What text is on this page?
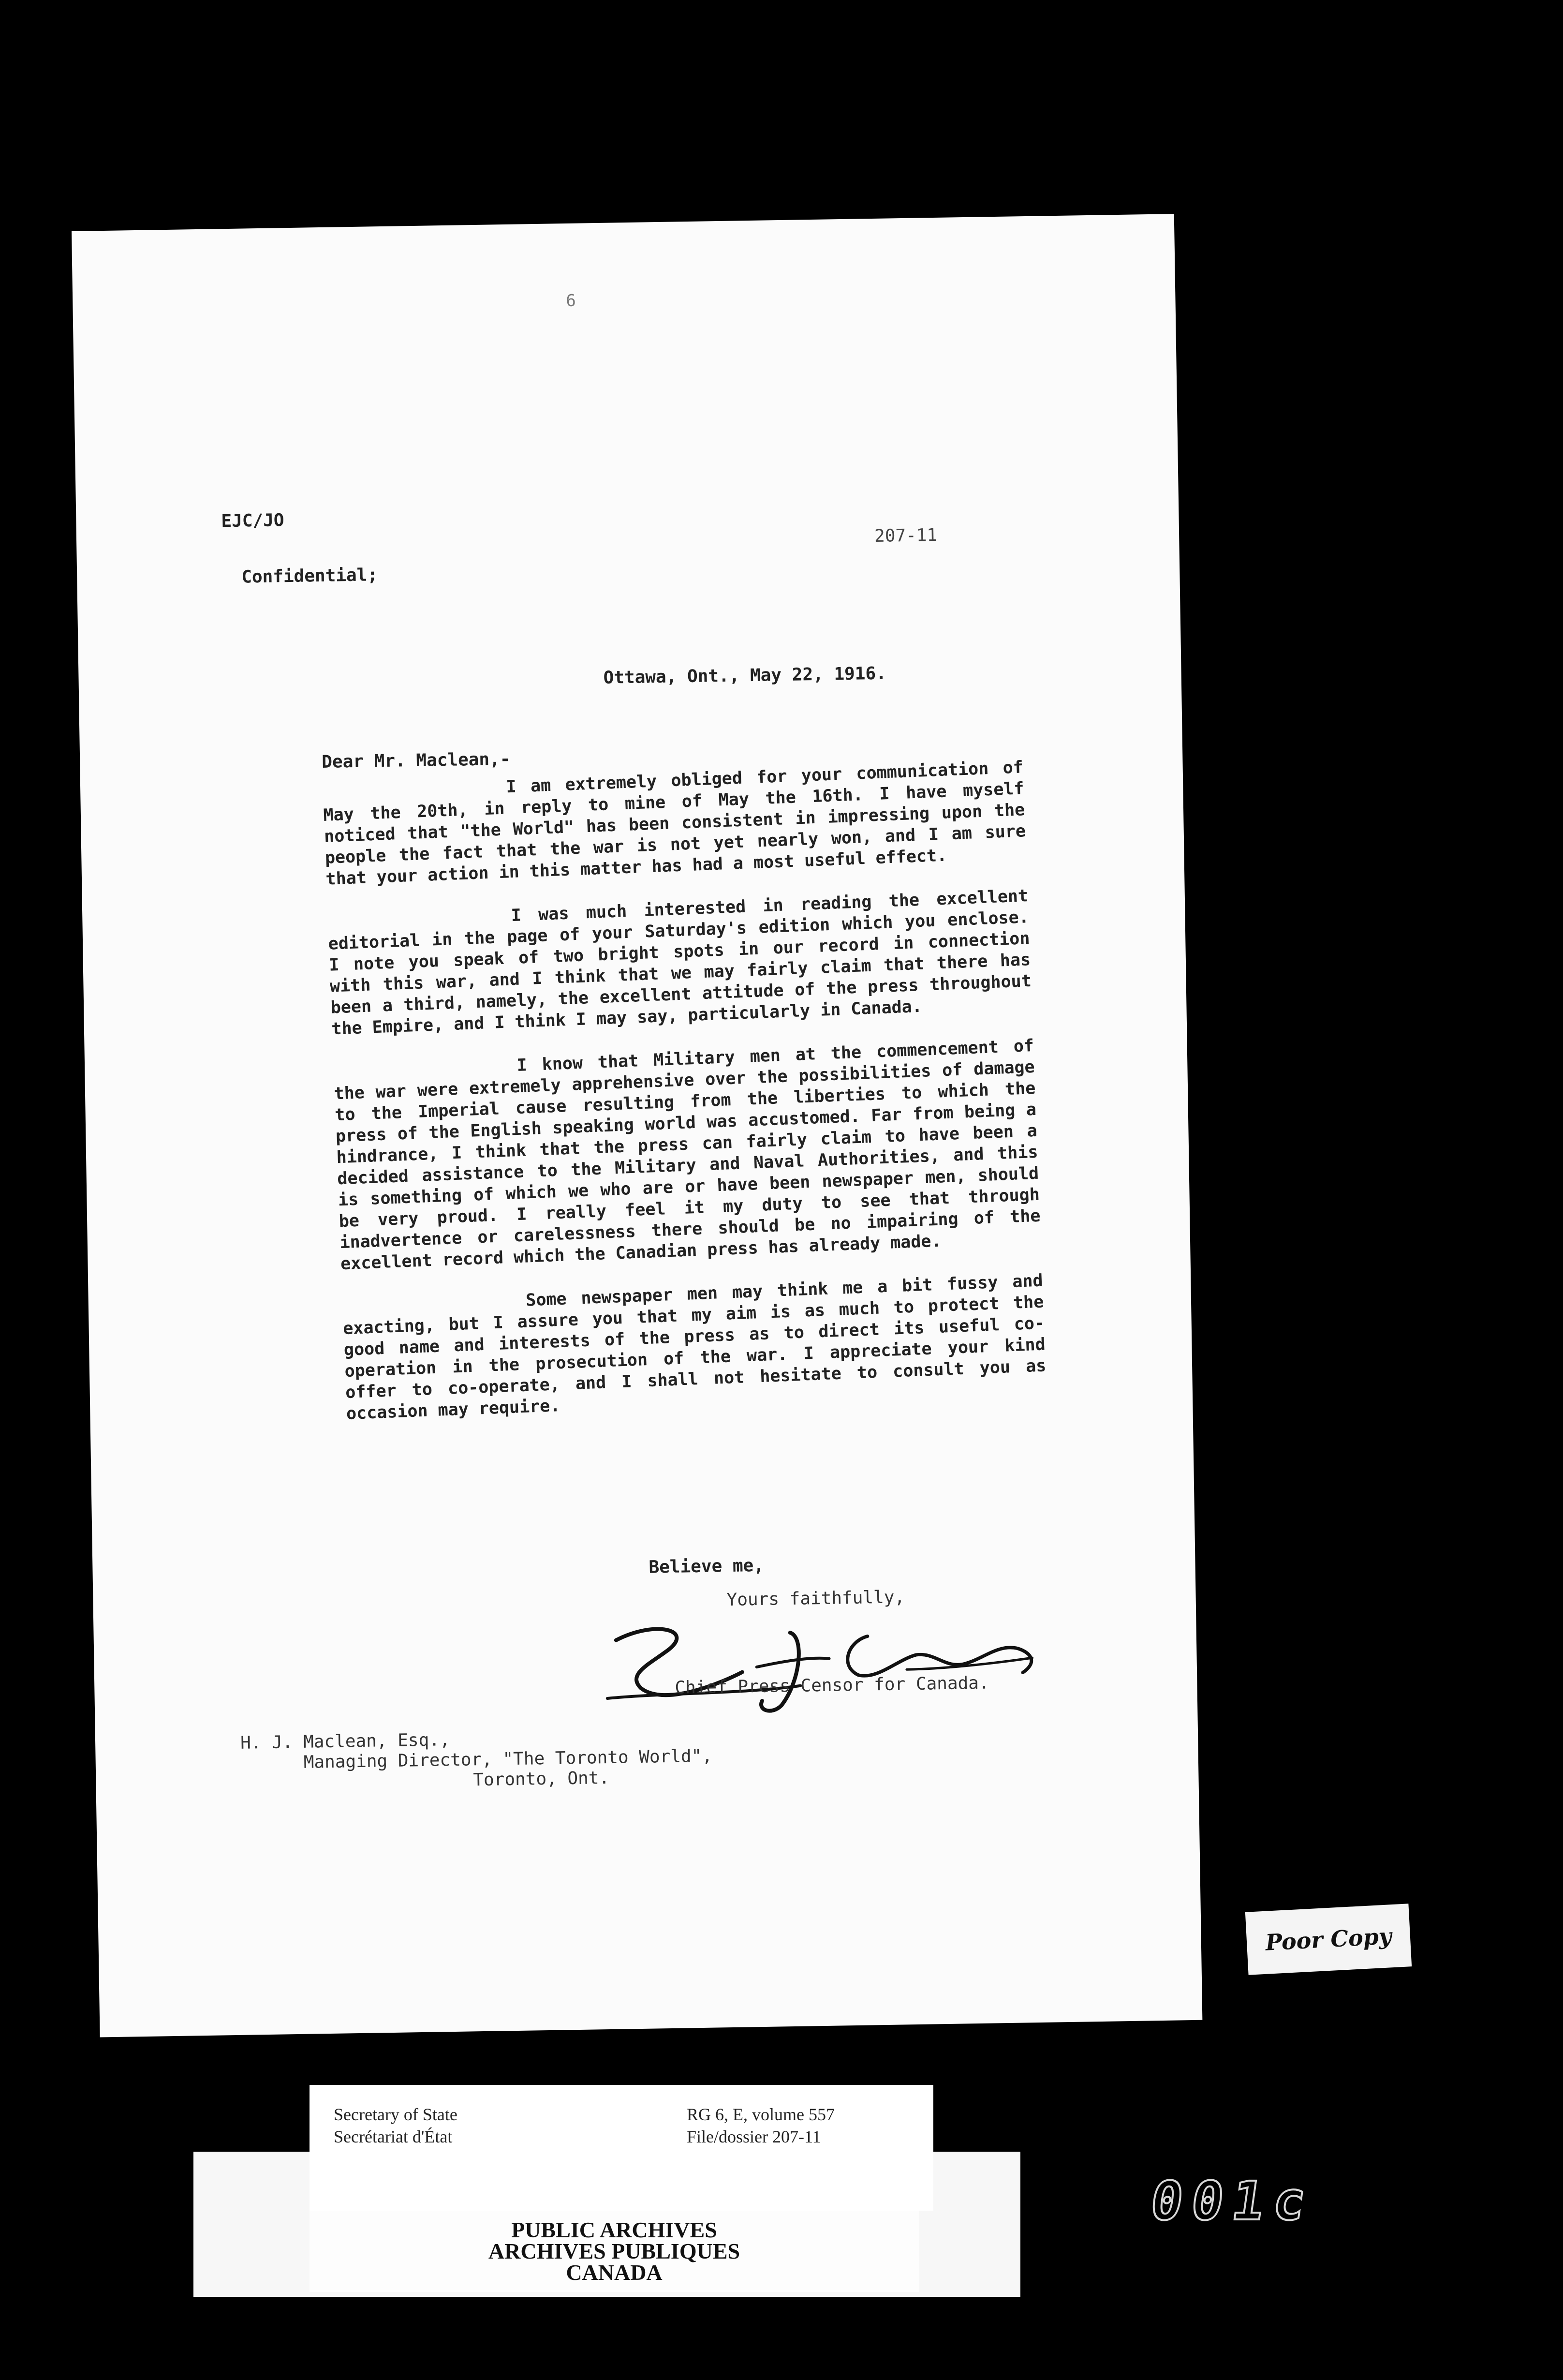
6
EJC/JO
207-11
Confidential;
Ottawa, Ont., May 22, 1916.
Dear Mr. Maclean,-

I am extremely obliged for your communication of May the 20th, in reply to mine of May the 16th. I have myself noticed that "the World" has been consistent in impressing upon the people the fact that the war is not yet nearly won, and I am sure that your action in this matter has had a most useful effect.

I was much interested in reading the excellent editorial in the page of your Saturday's edition which you enclose. I note you speak of two bright spots in our record in connection with this war, and I think that we may fairly claim that there has been a third, namely, the excellent attitude of the press throughout the Empire, and I think I may say, particularly in Canada.

I know that Military men at the commencement of the war were extremely apprehensive over the possibilities of damage to the Imperial cause resulting from the liberties to which the press of the English speaking world was accustomed. Far from being a hindrance, I think that the press can fairly claim to have been a decided assistance to the Military and Naval Authorities, and this is something of which we who are or have been newspaper men, should be very proud. I really feel it my duty to see that through inadvertence or carelessness there should be no impairing of the excellent record which the Canadian press has already made.

Some newspaper men may think me a bit fussy and exacting, but I assure you that my aim is as much to protect the good name and interests of the press as to direct its useful co-operation in the prosecution of the war. I appreciate your kind offer to co-operate, and I shall not hesitate to consult you as occasion may require.

Believe me,
Yours faithfully,
Chief Press Censor for Canada.
H. J. Maclean, Esq.,
Managing Director, "The Toronto World",
Toronto, Ont.
Poor Copy
PUBLIC ARCHIVES
ARCHIVES PUBLIQUES
CANADA
Secretary of State
Secrétariat d'État
RG 6, E, volume 557
File/dossier 207-11
0 0 1 c
